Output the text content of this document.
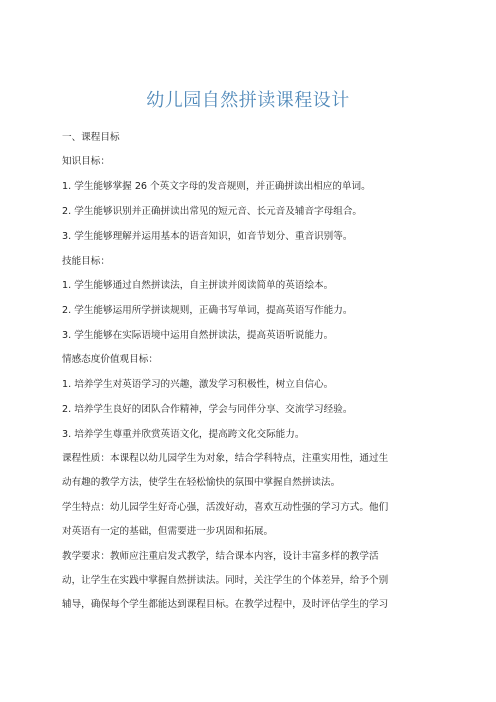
幼儿园自然拼读课程设计
一、课程目标
知识目标：
1. 学生能够掌握 26 个英文字母的发音规则，并正确拼读出相应的单词。
2. 学生能够识别并正确拼读出常见的短元音、长元音及辅音字母组合。
3. 学生能够理解并运用基本的语音知识，如音节划分、重音识别等。
技能目标：
1. 学生能够通过自然拼读法，自主拼读并阅读简单的英语绘本。
2. 学生能够运用所学拼读规则，正确书写单词，提高英语写作能力。
3. 学生能够在实际语境中运用自然拼读法，提高英语听说能力。
情感态度价值观目标：
1. 培养学生对英语学习的兴趣，激发学习积极性，树立自信心。
2. 培养学生良好的团队合作精神，学会与同伴分享、交流学习经验。
3. 培养学生尊重并欣赏英语文化，提高跨文化交际能力。
课程性质：本课程以幼儿园学生为对象，结合学科特点，注重实用性，通过生
动有趣的教学方法，使学生在轻松愉快的氛围中掌握自然拼读法。
学生特点：幼儿园学生好奇心强，活泼好动，喜欢互动性强的学习方式。他们
对英语有一定的基础，但需要进一步巩固和拓展。
教学要求：教师应注重启发式教学，结合课本内容，设计丰富多样的教学活
动，让学生在实践中掌握自然拼读法。同时，关注学生的个体差异，给予个别
辅导，确保每个学生都能达到课程目标。在教学过程中，及时评估学生的学习
